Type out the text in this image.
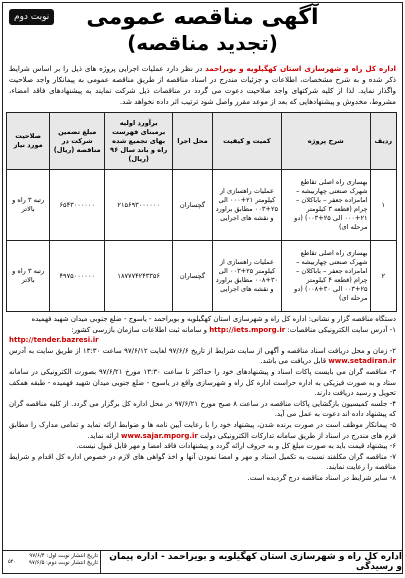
آگهی مناقصه عمومی
(تجدید مناقصه)
نوبت دوم
اداره کل راه و شهرسازی استان کهگیلویه و بویراحمد در نظر دارد عملیات اجرایی پروژه های ذیل را بر اساس شرایط ذکر شده و به شرح مشخصات، اطلاعات و جزئیات مندرج در اسناد مناقصه از طریق مناقصه عمومی به پیمانکار واجد صلاحیت واگذار نماید. لذا از کلیه شرکتهای واجد صلاحیت دعوت می گردد در مناقصات ذیل شرکت نمایند به پیشنهادهای فاقد امضاء، مشروط، مخدوش و پیشنهادهایی که بعد از موعد مقرر واصل شود ترتیب اثر داده نخواهد شد.
ردیف	شرح پروژه	کمیت و کیفیت	محل اجرا	برآورد اولیه برمبنای فهرست بهای تجمیع شده راه و باند سال ۹۶ (ریال)	مبلغ تضمین شرکت در مناقصه (ریال)	صلاحیت مورد نیاز
۱	بهسازی راه اصلی تقاطع شهرک صنعتی چهاربیشه – امامزاده جعفر – باباکلان – چرام (قطعه ۳ کیلومتر ۲۱+۰۰۰ الی ۲۵+۰۰۳) (دو مرحله ای)	عملیات راهسازی از کیلومتر ۲۱+۰۰۰ الی ۲۵+۰۰۳ مطابق براورد و نقشه های اجرایی	گچساران	۲۱۵۶۹۳۰۰۰۰۰۰	۶۵۴۳۰۰۰۰۰۰	رتبه ۳ راه و بالاتر
۲	بهسازی راه اصلی تقاطع شهرک صنعتی چهاربیشه – امامزاده جعفر – باباکلان – چرام (قطعه ۴ کیلومتر ۲۵+۰۰۳ الی ۳۰+۰۰۸) (دو مرحله ای)	عملیات راهسازی از کیلومتر ۲۵+۰۰۳ الی ۳۰+۰۰۸ مطابق براورد و نقشه های اجرایی	گچساران	۱۸۷۷۷۴۲۴۳۳۵۶	۴۹۷۵۰۰۰۰۰۰	رتبه ۳ راه و بالاتر

دستگاه مناقصه گزار و نشانی: اداره کل راه و شهرسازی استان کهگیلویه و بویراحمد - یاسوج - ضلع جنوبی میدان شهید فهمیده

۱- آدرس سایت الکترونیکی مناقصات: http://iets.mporg.ir و سامانه ثبت اطلاعات سازمان بازرسی کشور:

http://tender.bazresi.ir

۲- زمان و محل دریافت اسناد مناقصه و آگهی از سایت شرایط از تاریخ ۹۷/۶/۶ لغایت ۹۷/۶/۱۲ ساعت ۱۳:۳۰ از طریق سایت به آدرس www.setadiran.ir قابل دریافت می باشد.

۳- مناقصه گران می بایست پاکات اسناد و پیشنهادهای خود را حداکثر تا ساعت ۱۳:۳۰ مورخ ۹۷/۶/۲۱ بصورت الکترونیکی در سامانه ستاد و به صورت فیزیکی به اداره حراست اداره کل راه و شهرسازی واقع در یاسوج - ضلع جنوبی میدان شهید فهمیده - طبقه همکف تحویل و رسید دریافت دارند.

۴- جلسه کمیسیون بازگشایی پاکات مناقصه در ساعت ۸ صبح مورخ ۹۷/۶/۲۱ در محل اداره کل برگزار می گردد. از کلیه مناقصه گران که پیشنهاد داده اند دعوت به عمل می آید.

۵- پیمانکار موظف است در صورت برنده شدن، پیشنهاد خود را با رعایت آیین نامه ها و ضوابط ارائه نماید و تمامی مدارک را مطابق فرم های مندرج در اسناد از طریق سامانه تدارکات الکترونیکی دولت www.sajar.mporg.ir ارائه نماید.

۶- پیشنهاد قیمت باید به صورت مبلغ کل و به حروف ارائه گردد و پیشنهادات فاقد امضا و مهر قابل قبول نیست.

۷- مناقصه گران مکلفند نسبت به تکمیل اسناد و مهر و امضا نمودن آنها و اخذ گواهی های لازم در خصوص اداره کل اقدام و شرایط مناقصه را رعایت نمایند.

۸- سایر شرایط در اسناد مناقصه درج گردیده است.

اداره کل راه و شهرسازی استان کهگیلویه و بویراحمد - اداره پیمان و رسیدگی
تاریخ انتشار نوبت اول: ۹۷/۶/۴
تاریخ انتشار نوبت دوم: ۹۷/۶/۵
۵۴۰
